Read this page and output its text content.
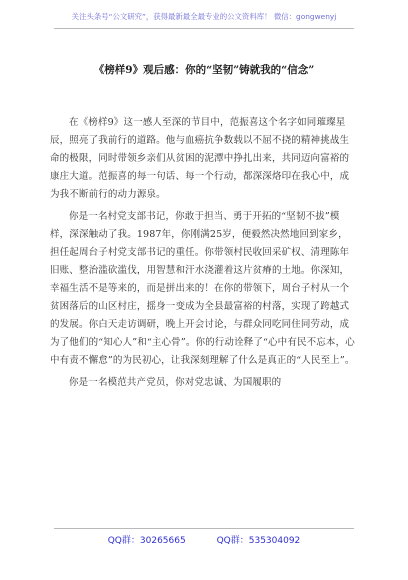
关注头条号“公文研究”，获得最新最全最专业的公文资料库！ 微信：gongwenyj
《榜样9》观后感：你的“坚韧”铸就我的“信念”

在《榜样9》这一感人至深的节目中，范振喜这个名字如同璀璨星辰，照亮了我前行的道路。他与血癌抗争数载以不屈不挠的精神挑战生命的极限，同时带领乡亲们从贫困的泥潭中挣扎出来，共同迈向富裕的康庄大道。范振喜的每一句话、每一个行动，都深深烙印在我心中，成为我不断前行的动力源泉。

你是一名村党支部书记，你敢于担当、勇于开拓的“坚韧不拔”模样，深深触动了我。1987年，你刚满25岁，便毅然决然地回到家乡，担任起周台子村党支部书记的重任。你带领村民收回采矿权、清理陈年旧账、整治滥砍滥伐，用智慧和汗水浇灌着这片贫瘠的土地。你深知，幸福生活不是等来的，而是拼出来的！在你的带领下，周台子村从一个贫困落后的山区村庄，摇身一变成为全县最富裕的村落，实现了跨越式的发展。你白天走访调研，晚上开会讨论，与群众同吃同住同劳动，成为了他们的“知心人”和“主心骨”。你的行动诠释了“心中有民不忘本，心中有责不懈怠”的为民初心，让我深刻理解了什么是真正的“人民至上”。

你是一名模范共产党员，你对党忠诚、为国履职的

QQ群：30265665	QQ群：535304092
